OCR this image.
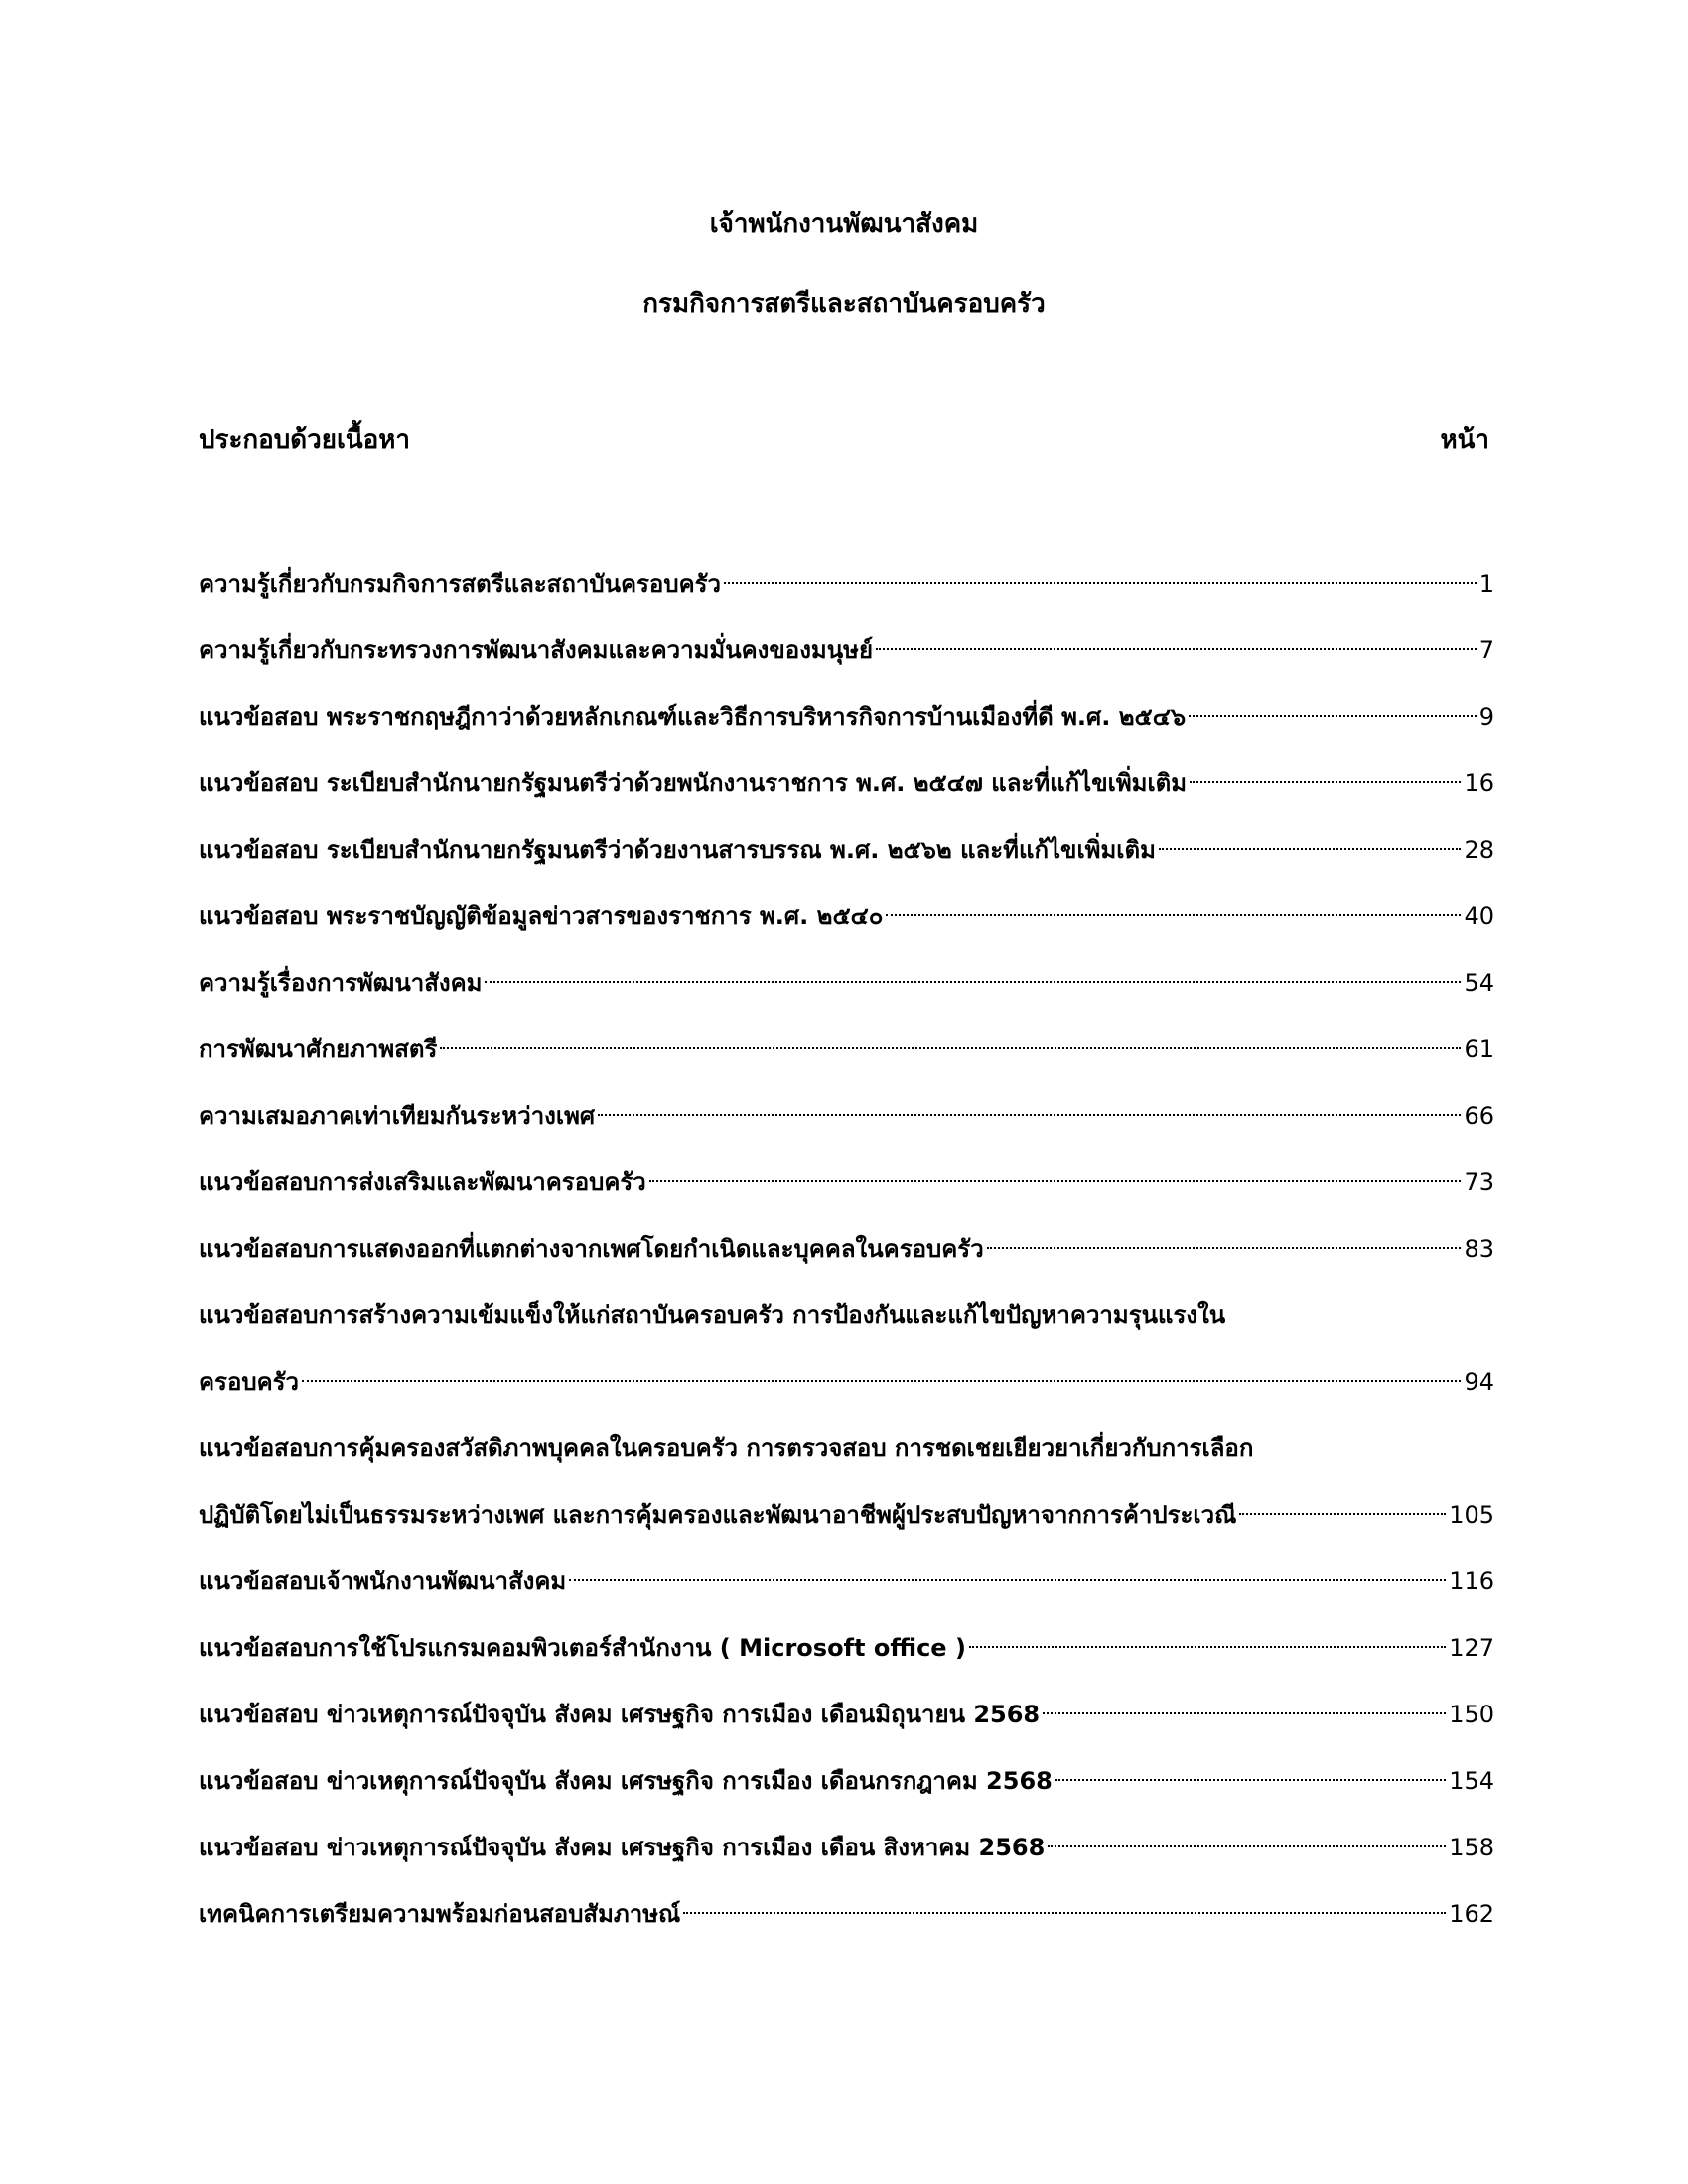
เจ้าพนักงานพัฒนาสังคม
กรมกิจการสตรีและสถาบันครอบครัว
ประกอบด้วยเนื้อหา	หน้า
ความรู้เกี่ยวกับกรมกิจการสตรีและสถาบันครอบครัว	1
ความรู้เกี่ยวกับกระทรวงการพัฒนาสังคมและความมั่นคงของมนุษย์	7
แนวข้อสอบ พระราชกฤษฎีกาว่าด้วยหลักเกณฑ์และวิธีการบริหารกิจการบ้านเมืองที่ดี พ.ศ. ๒๕๔๖	9
แนวข้อสอบ ระเบียบสำนักนายกรัฐมนตรีว่าด้วยพนักงานราชการ พ.ศ. ๒๕๔๗ และที่แก้ไขเพิ่มเติม	16
แนวข้อสอบ ระเบียบสำนักนายกรัฐมนตรีว่าด้วยงานสารบรรณ พ.ศ. ๒๕๖๒ และที่แก้ไขเพิ่มเติม	28
แนวข้อสอบ พระราชบัญญัติข้อมูลข่าวสารของราชการ พ.ศ. ๒๕๔๐	40
ความรู้เรื่องการพัฒนาสังคม	54
การพัฒนาศักยภาพสตรี	61
ความเสมอภาคเท่าเทียมกันระหว่างเพศ	66
แนวข้อสอบการส่งเสริมและพัฒนาครอบครัว	73
แนวข้อสอบการแสดงออกที่แตกต่างจากเพศโดยกำเนิดและบุคคลในครอบครัว	83
แนวข้อสอบการสร้างความเข้มแข็งให้แก่สถาบันครอบครัว การป้องกันและแก้ไขปัญหาความรุนแรงใน
ครอบครัว	94
แนวข้อสอบการคุ้มครองสวัสดิภาพบุคคลในครอบครัว การตรวจสอบ การชดเชยเยียวยาเกี่ยวกับการเลือก
ปฏิบัติโดยไม่เป็นธรรมระหว่างเพศ และการคุ้มครองและพัฒนาอาชีพผู้ประสบปัญหาจากการค้าประเวณี	105
แนวข้อสอบเจ้าพนักงานพัฒนาสังคม	116
แนวข้อสอบการใช้โปรแกรมคอมพิวเตอร์สำนักงาน ( Microsoft office )	127
แนวข้อสอบ ข่าวเหตุการณ์ปัจจุบัน สังคม เศรษฐกิจ การเมือง เดือนมิถุนายน 2568	150
แนวข้อสอบ ข่าวเหตุการณ์ปัจจุบัน สังคม เศรษฐกิจ การเมือง เดือนกรกฎาคม 2568	154
แนวข้อสอบ ข่าวเหตุการณ์ปัจจุบัน สังคม เศรษฐกิจ การเมือง เดือน สิงหาคม 2568	158
เทคนิคการเตรียมความพร้อมก่อนสอบสัมภาษณ์	162
